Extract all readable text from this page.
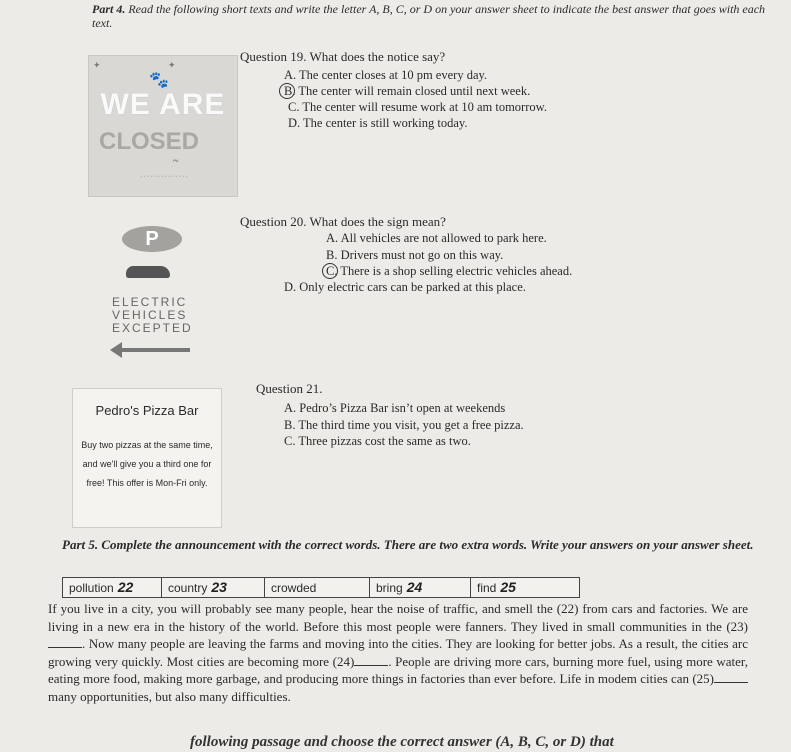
Part 4. Read the following short texts and write the letter A, B, C, or D on your answer sheet to indicate the best answer that goes with each text.
✦                              ✦
🐾
WE ARE
CLOSED
~
· · · · · · · · · · · · · ·
Question 19. What does the notice say?
A. The center closes at 10 pm every day.
B. The center will remain closed until next week.
C. The center will resume work at 10 am tomorrow.
D. The center is still working today.
P
ELECTRIC
VEHICLES
EXCEPTED
Question 20. What does the sign mean?
A. All vehicles are not allowed to park here.
B. Drivers must not go on this way.
C. There is a shop selling electric vehicles ahead.
D. Only electric cars can be parked at this place.
Pedro's Pizza Bar
Buy two pizzas at the same time, and we'll give you a third one for free! This offer is Mon-Fri only.
Question 21.
A. Pedro’s Pizza Bar isn’t open at weekends
B. The third time you visit, you get a free pizza.
C. Three pizzas cost the same as two.
Part 5. Complete the announcement with the correct words. There are two extra words. Write your answers on your answer sheet.
pollution 22	country 23	crowded	bring 24	find 25
If you live in a city, you will probably see many people, hear the noise of traffic, and smell the (22) from cars and factories. We are living in a new era in the history of the world. Before this most people were fanners. They lived in small communities in the (23). Now many people are leaving the farms and moving into the cities. They are looking for better jobs. As a result, the cities arc growing very quickly. Most cities are becoming more (24)	. People are driving more cars, burning more fuel, using more water, eating more food, making more garbage, and producing more things in factories than ever before. Life in modem cities can (25) many opportunities, but also many difficulties.
following passage and choose the correct answer (A, B, C, or D) that
